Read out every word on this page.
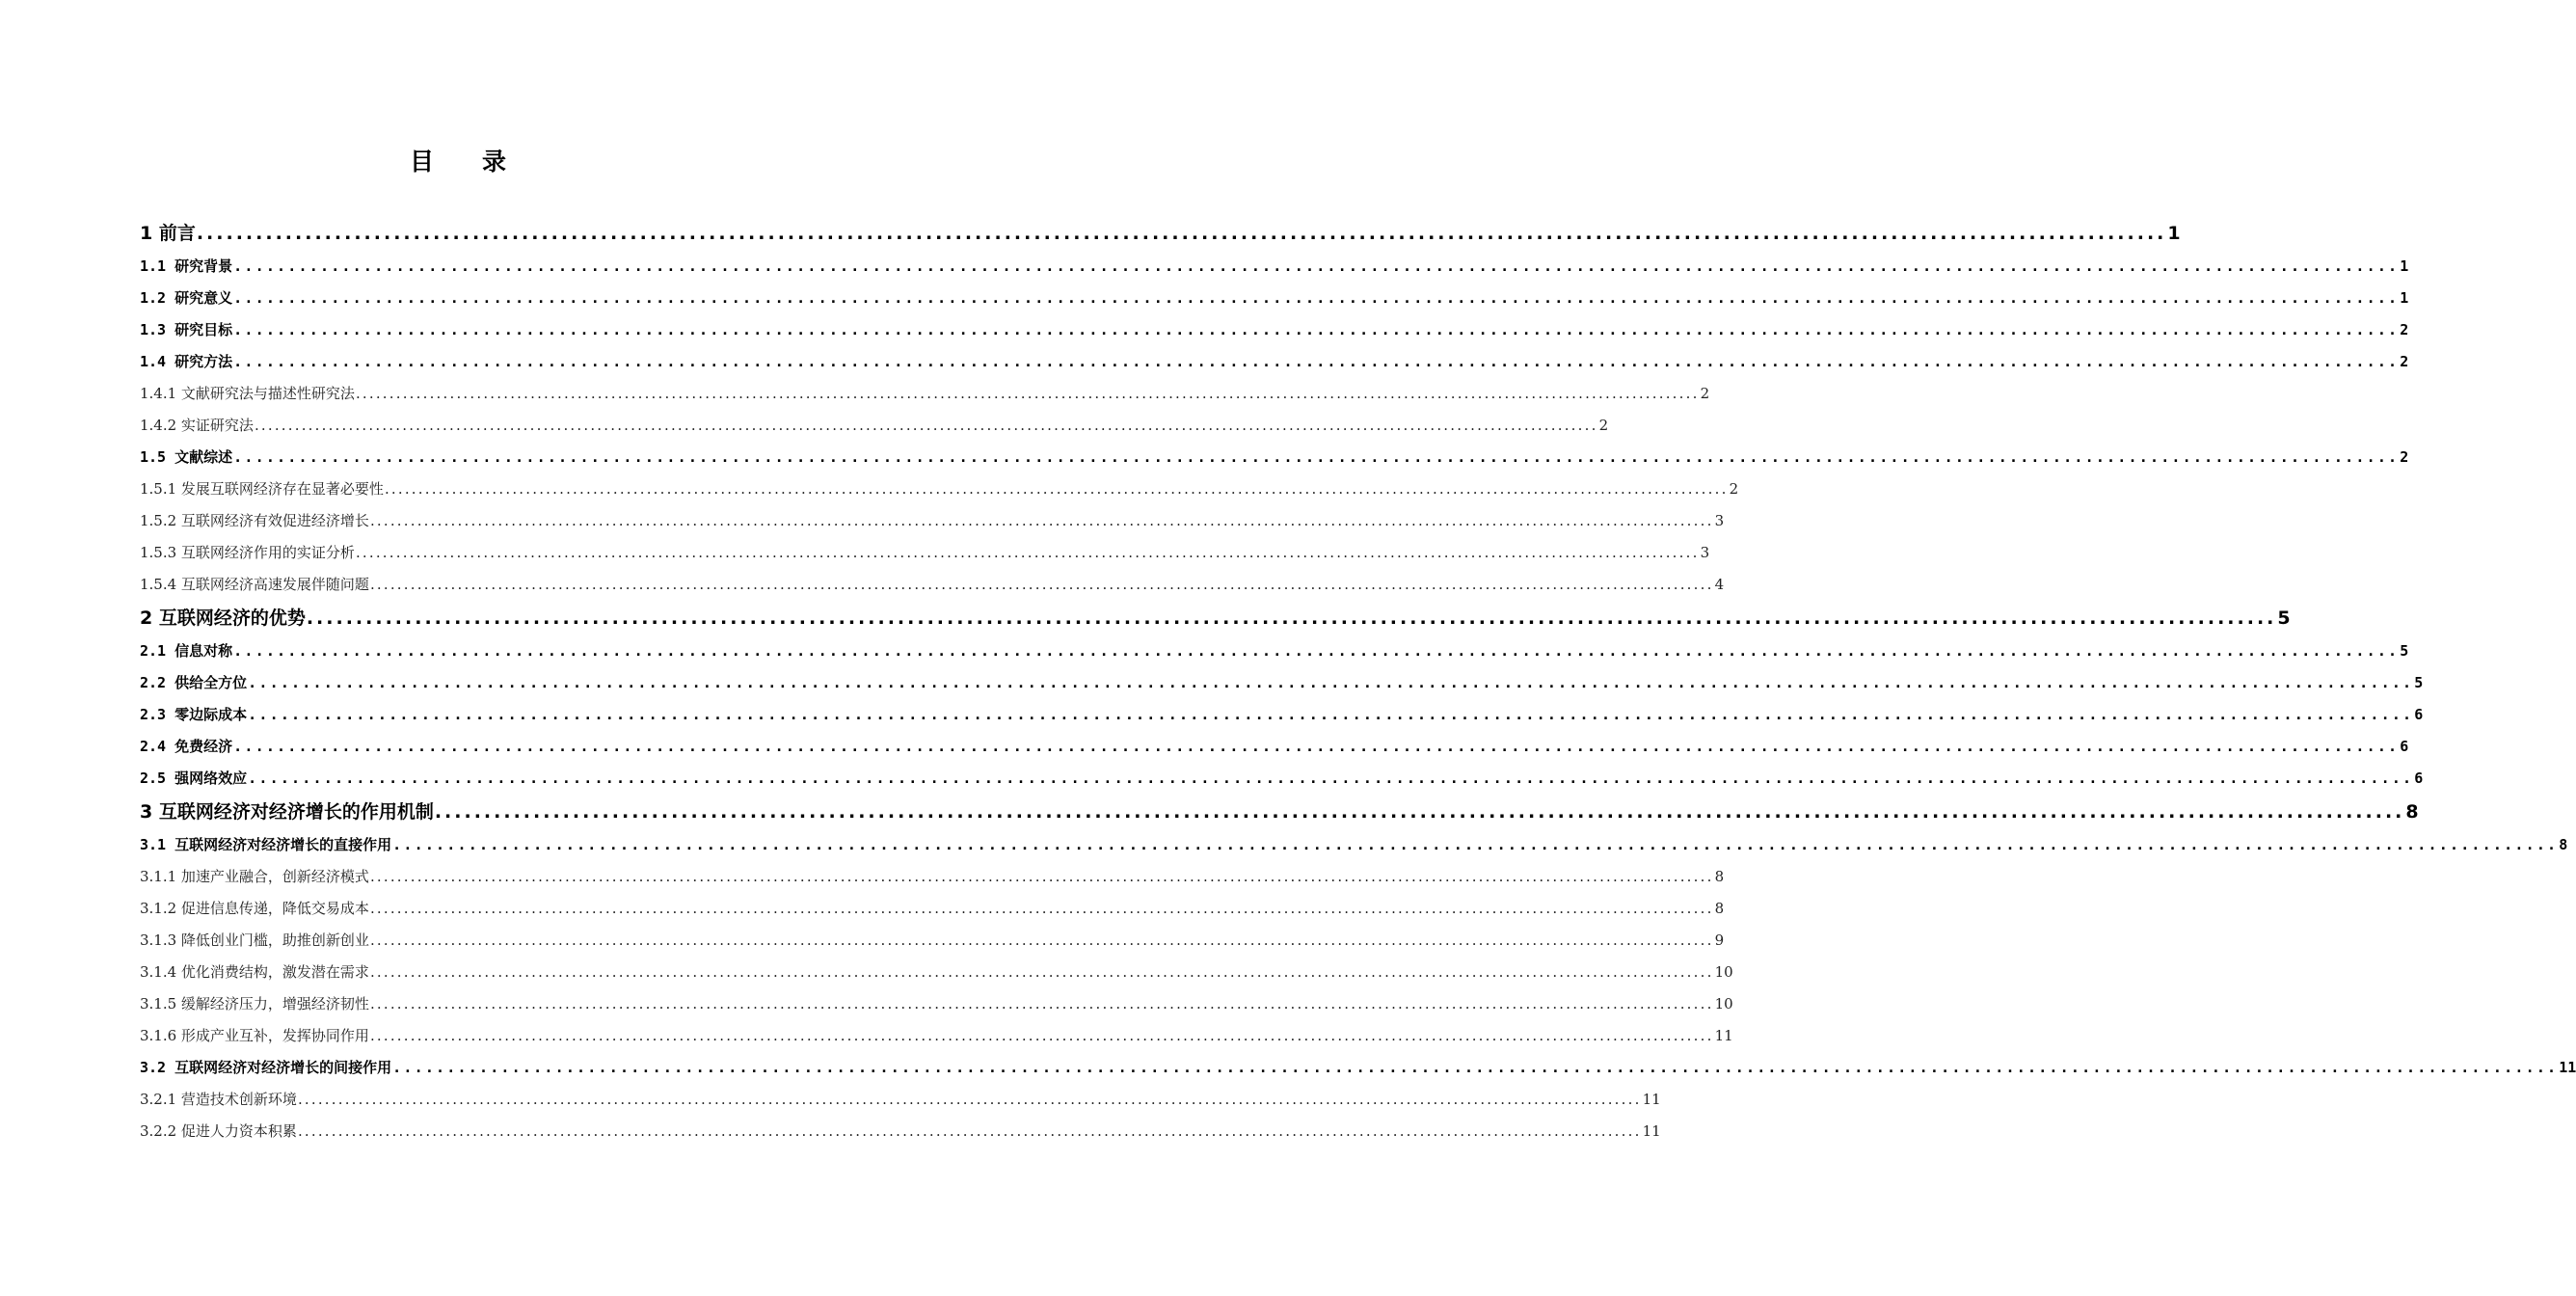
目 录
1 前言 ........................................................................................................................................................................................................ 1
1.1 研究背景 ........................................................................................................................................................................................................ 1
1.2 研究意义 ........................................................................................................................................................................................................ 1
1.3 研究目标 ........................................................................................................................................................................................................ 2
1.4 研究方法 ........................................................................................................................................................................................................ 2
1.4.1 文献研究法与描述性研究法 ........................................................................................................................................................................................................ 2
1.4.2 实证研究法 ........................................................................................................................................................................................................ 2
1.5 文献综述 ........................................................................................................................................................................................................ 2
1.5.1 发展互联网经济存在显著必要性 ........................................................................................................................................................................................................ 2
1.5.2 互联网经济有效促进经济增长 ........................................................................................................................................................................................................ 3
1.5.3 互联网经济作用的实证分析 ........................................................................................................................................................................................................ 3
1.5.4 互联网经济高速发展伴随问题 ........................................................................................................................................................................................................ 4
2 互联网经济的优势 ........................................................................................................................................................................................................ 5
2.1 信息对称 ........................................................................................................................................................................................................ 5
2.2 供给全方位 ........................................................................................................................................................................................................ 5
2.3 零边际成本 ........................................................................................................................................................................................................ 6
2.4 免费经济 ........................................................................................................................................................................................................ 6
2.5 强网络效应 ........................................................................................................................................................................................................ 6
3 互联网经济对经济增长的作用机制 ........................................................................................................................................................................................................ 8
3.1 互联网经济对经济增长的直接作用 ........................................................................................................................................................................................................ 8
3.1.1 加速产业融合，创新经济模式 ........................................................................................................................................................................................................ 8
3.1.2 促进信息传递，降低交易成本 ........................................................................................................................................................................................................ 8
3.1.3 降低创业门槛，助推创新创业 ........................................................................................................................................................................................................ 9
3.1.4 优化消费结构，激发潜在需求 ........................................................................................................................................................................................................ 10
3.1.5 缓解经济压力，增强经济韧性 ........................................................................................................................................................................................................ 10
3.1.6 形成产业互补，发挥协同作用 ........................................................................................................................................................................................................ 11
3.2 互联网经济对经济增长的间接作用 ........................................................................................................................................................................................................ 11
3.2.1 营造技术创新环境 ........................................................................................................................................................................................................ 11
3.2.2 促进人力资本积累 ........................................................................................................................................................................................................ 11
